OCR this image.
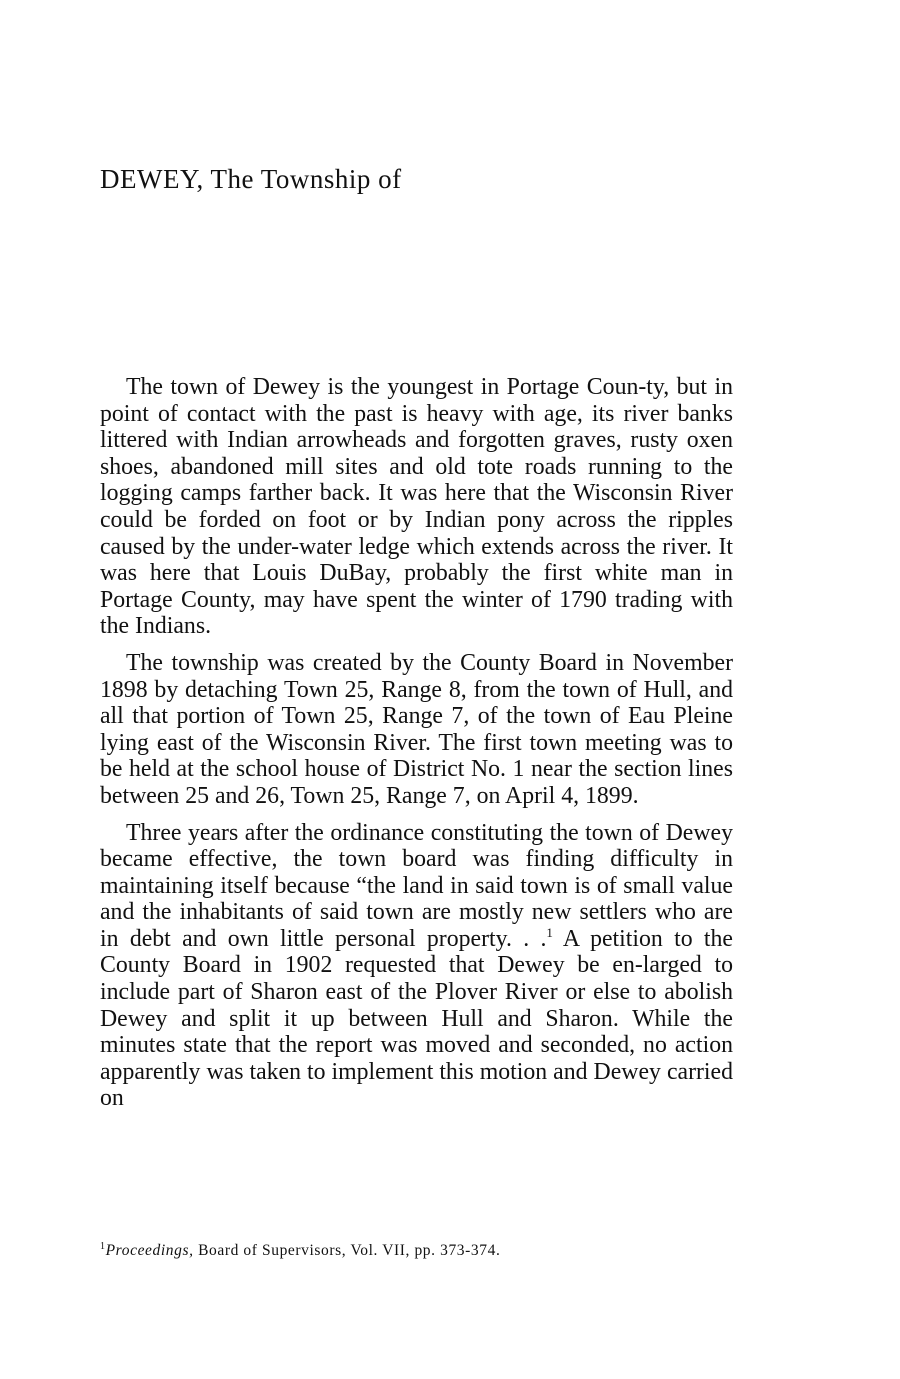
DEWEY, The Township of

The town of Dewey is the youngest in Portage Coun-ty, but in point of contact with the past is heavy with age, its river banks littered with Indian arrowheads and forgotten graves, rusty oxen shoes, abandoned mill sites and old tote roads running to the logging camps farther back. It was here that the Wisconsin River could be forded on foot or by Indian pony across the ripples caused by the under-water ledge which extends across the river. It was here that Louis DuBay, probably the first white man in Portage County, may have spent the winter of 1790 trading with the Indians.

The township was created by the County Board in November 1898 by detaching Town 25, Range 8, from the town of Hull, and all that portion of Town 25, Range 7, of the town of Eau Pleine lying east of the Wisconsin River. The first town meeting was to be held at the school house of District No. 1 near the section lines between 25 and 26, Town 25, Range 7, on April 4, 1899.

Three years after the ordinance constituting the town of Dewey became effective, the town board was finding difficulty in maintaining itself because “the land in said town is of small value and the inhabitants of said town are mostly new settlers who are in debt and own little personal property. . .$^1$ A petition to the County Board in 1902 requested that Dewey be en-larged to include part of Sharon east of the Plover River or else to abolish Dewey and split it up between Hull and Sharon. While the minutes state that the report was moved and seconded, no action apparently was taken to implement this motion and Dewey carried on

$^1$Proceedings, Board of Supervisors, Vol. VII, pp. 373-374.
